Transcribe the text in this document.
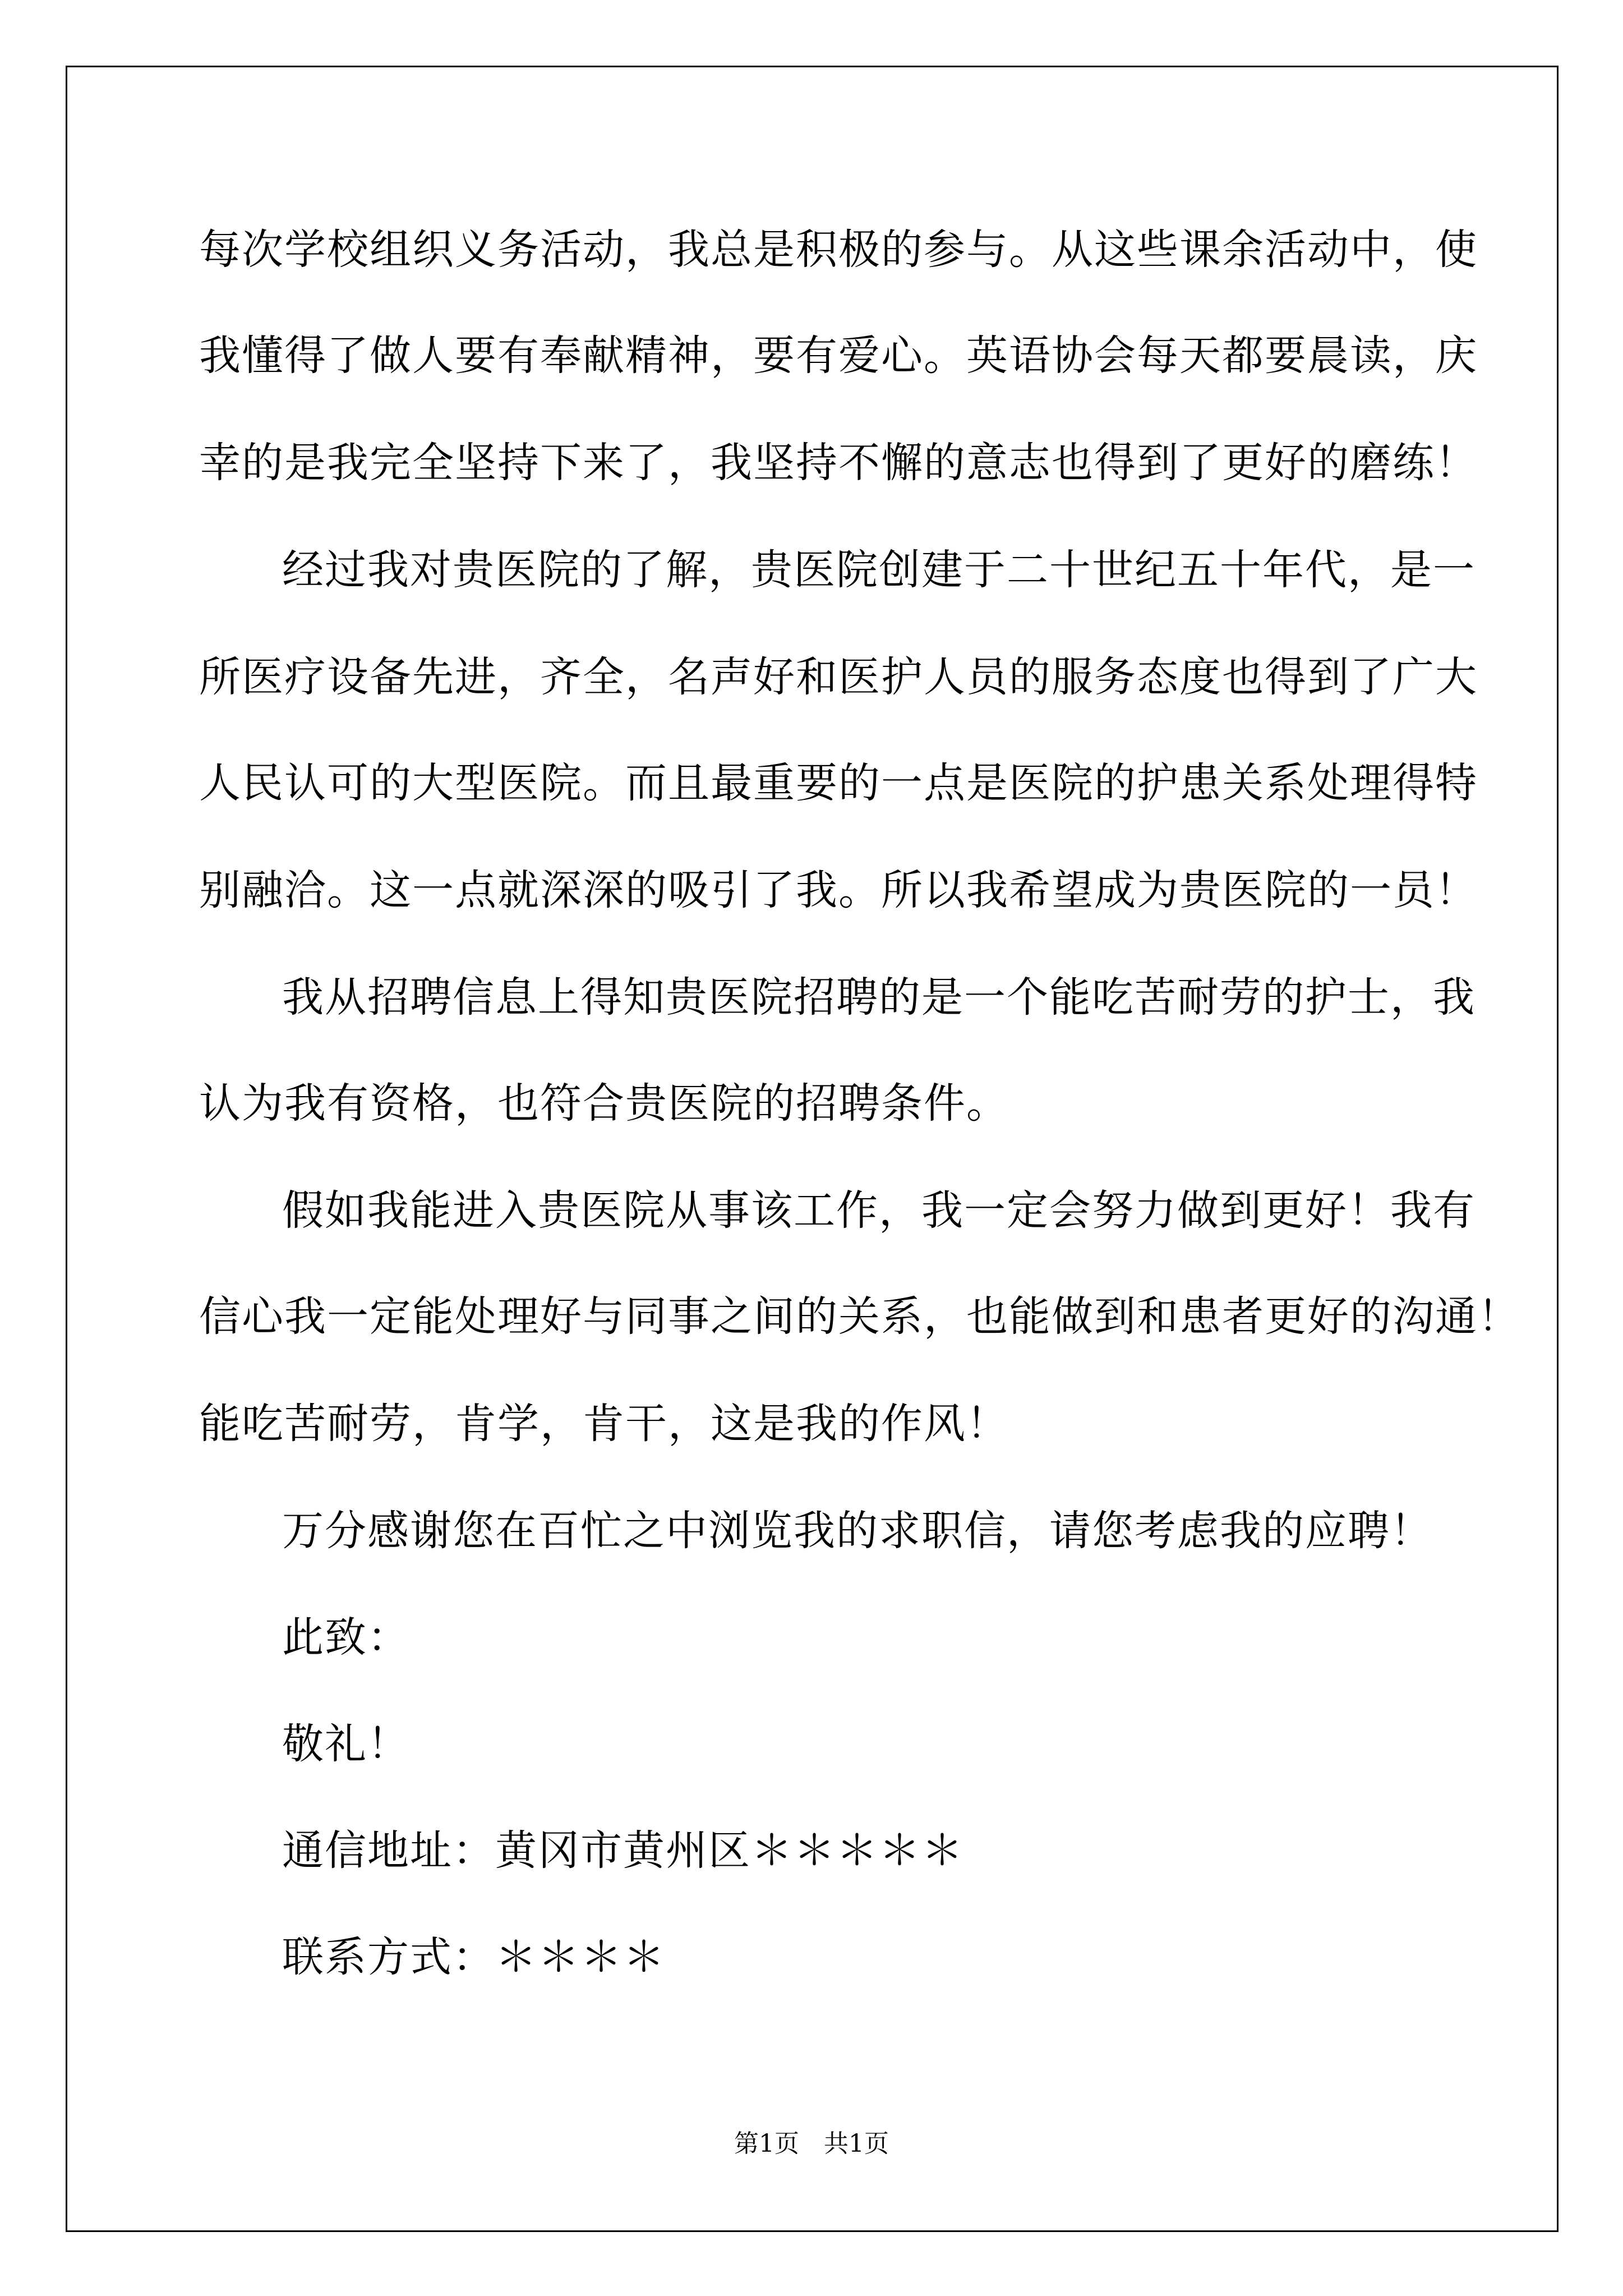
每次学校组织义务活动，我总是积极的参与。从这些课余活动中，使
我懂得了做人要有奉献精神，要有爱心。英语协会每天都要晨读，庆
幸的是我完全坚持下来了，我坚持不懈的意志也得到了更好的磨练！
经过我对贵医院的了解，贵医院创建于二十世纪五十年代，是一
所医疗设备先进，齐全，名声好和医护人员的服务态度也得到了广大
人民认可的大型医院。而且最重要的一点是医院的护患关系处理得特
别融洽。这一点就深深的吸引了我。所以我希望成为贵医院的一员！
我从招聘信息上得知贵医院招聘的是一个能吃苦耐劳的护士，我
认为我有资格，也符合贵医院的招聘条件。
假如我能进入贵医院从事该工作，我一定会努力做到更好！我有
信心我一定能处理好与同事之间的关系，也能做到和患者更好的沟通！
能吃苦耐劳，肯学，肯干，这是我的作风！
万分感谢您在百忙之中浏览我的求职信，请您考虑我的应聘！
此致：
敬礼！
通信地址：黄冈市黄州区＊＊＊＊＊
联系方式：＊＊＊＊
第1页　共1页
